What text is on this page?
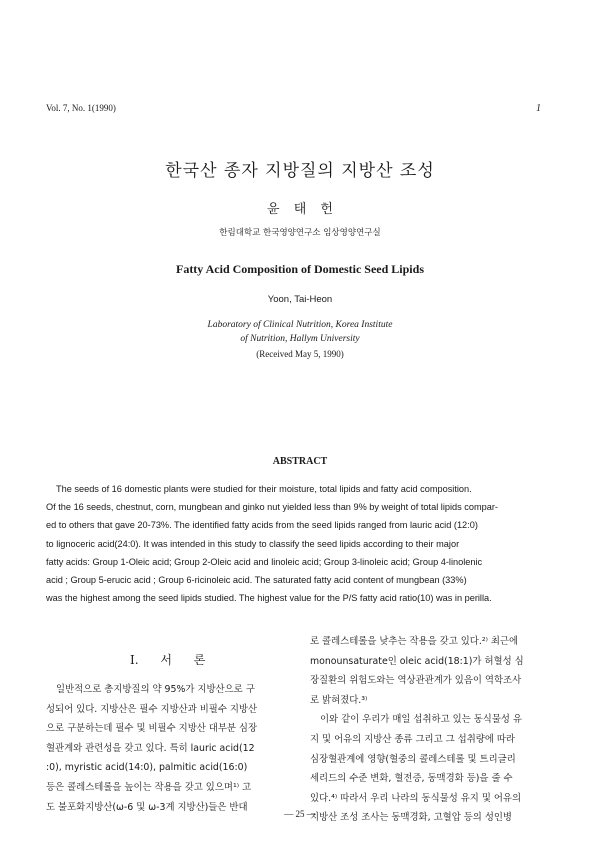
Vol. 7, No. 1(1990)	1
한국산 종자 지방질의 지방산 조성
윤 태 헌
한림대학교 한국영양연구소 임상영양연구실
Fatty Acid Composition of Domestic Seed Lipids
Yoon, Tai-Heon
Laboratory of Clinical Nutrition, Korea Institute
of Nutrition, Hallym University
(Received May 5, 1990)
ABSTRACT
The seeds of 16 domestic plants were studied for their moisture, total lipids and fatty acid composition.
Of the 16 seeds, chestnut, corn, mungbean and ginko nut yielded less than 9% by weight of total lipids compar-
ed to others that gave 20-73%. The identified fatty acids from the seed lipids ranged from lauric acid (12:0)
to lignoceric acid(24:0). It was intended in this study to classify the seed lipids according to their major
fatty acids: Group 1-Oleic acid; Group 2-Oleic acid and linoleic acid; Group 3-linoleic acid; Group 4-linolenic
acid ; Group 5-erucic acid ; Group 6-ricinoleic acid. The saturated fatty acid content of mungbean (33%)
was the highest among the seed lipids studied. The highest value for the P/S fatty acid ratio(10) was in perilla.
I. 서 론
일반적으로 총지방질의 약 95%가 지방산으로 구
성되어 있다. 지방산은 필수 지방산과 비필수 지방산
으로 구분하는데 필수 및 비필수 지방산 대부분 심장
혈관계와 관련성을 갖고 있다. 특히 lauric acid(12
:0), myristic acid(14:0), palmitic acid(16:0)
등은 콜레스테롤을 높이는 작용을 갖고 있으며¹⁾ 고
도 불포화지방산(ω-6 및 ω-3계 지방산)들은 반대
로 콜레스테롤을 낮추는 작용을 갖고 있다.²⁾ 최근에
monounsaturate인 oleic acid(18:1)가 허혈성 심
장질환의 위험도와는 역상관관계가 있음이 역학조사
로 밝혀졌다.³⁾
이와 같이 우리가 매일 섭취하고 있는 동식물성 유
지 및 어유의 지방산 종류 그리고 그 섭취량에 따라
심장혈관계에 영향(혈중의 콜레스테롤 및 트리글리
세리드의 수준 변화, 혈전증, 동맥경화 등)을 줄 수
있다.⁴⁾ 따라서 우리 나라의 동식물성 유지 및 어유의
지방산 조성 조사는 동맥경화, 고혈압 등의 성인병
— 25 —
